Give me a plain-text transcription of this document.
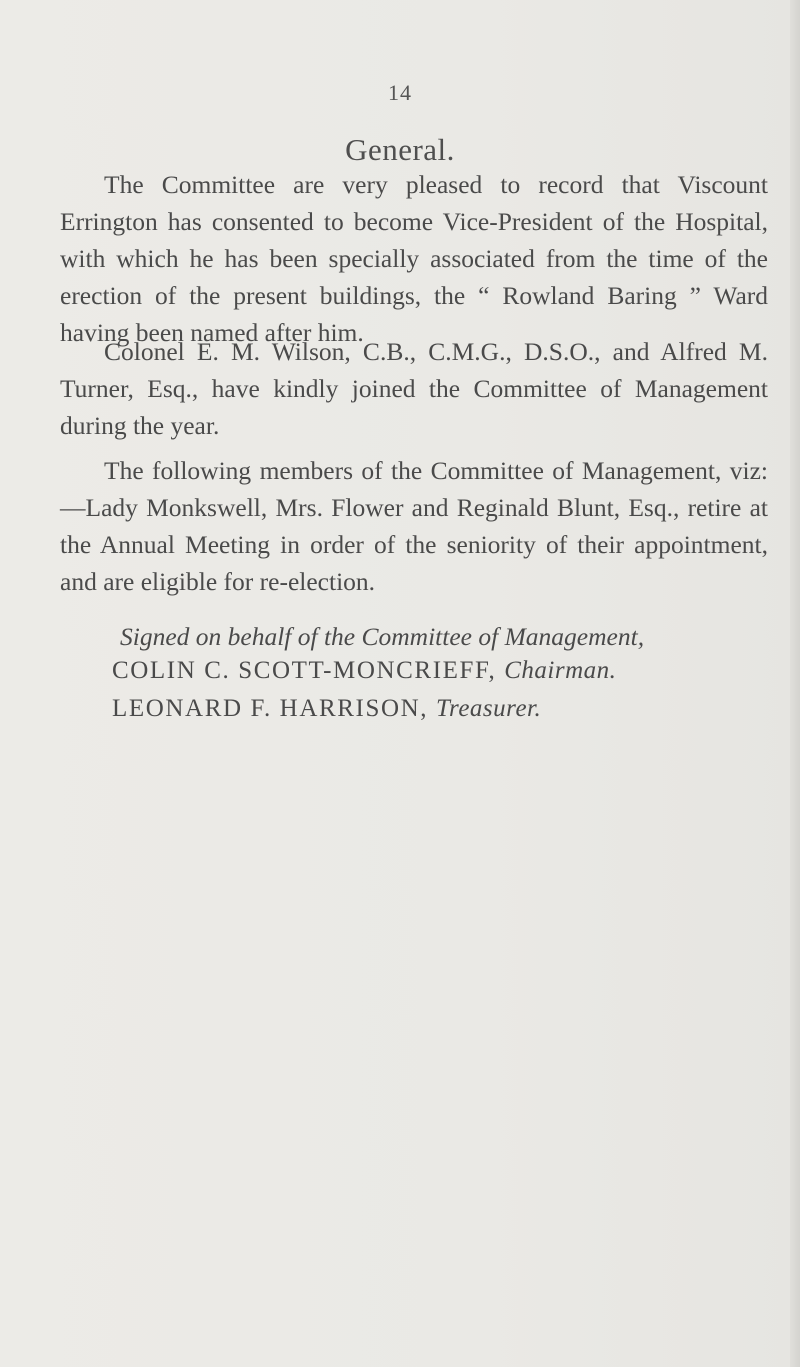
14
General.

The Committee are very pleased to record that Viscount Errington has consented to become Vice-President of the Hospital, with which he has been specially associated from the time of the erection of the present buildings, the “ Rowland Baring ” Ward having been named after him.

Colonel E. M. Wilson, C.B., C.M.G., D.S.O., and Alfred M. Turner, Esq., have kindly joined the Committee of Management during the year.

The following members of the Committee of Management, viz:—Lady Monkswell, Mrs. Flower and Reginald Blunt, Esq., retire at the Annual Meeting in order of the seniority of their appointment, and are eligible for re-election.

Signed on behalf of the Committee of Management,

COLIN C. SCOTT-MONCRIEFF, Chairman.

LEONARD F. HARRISON, Treasurer.
